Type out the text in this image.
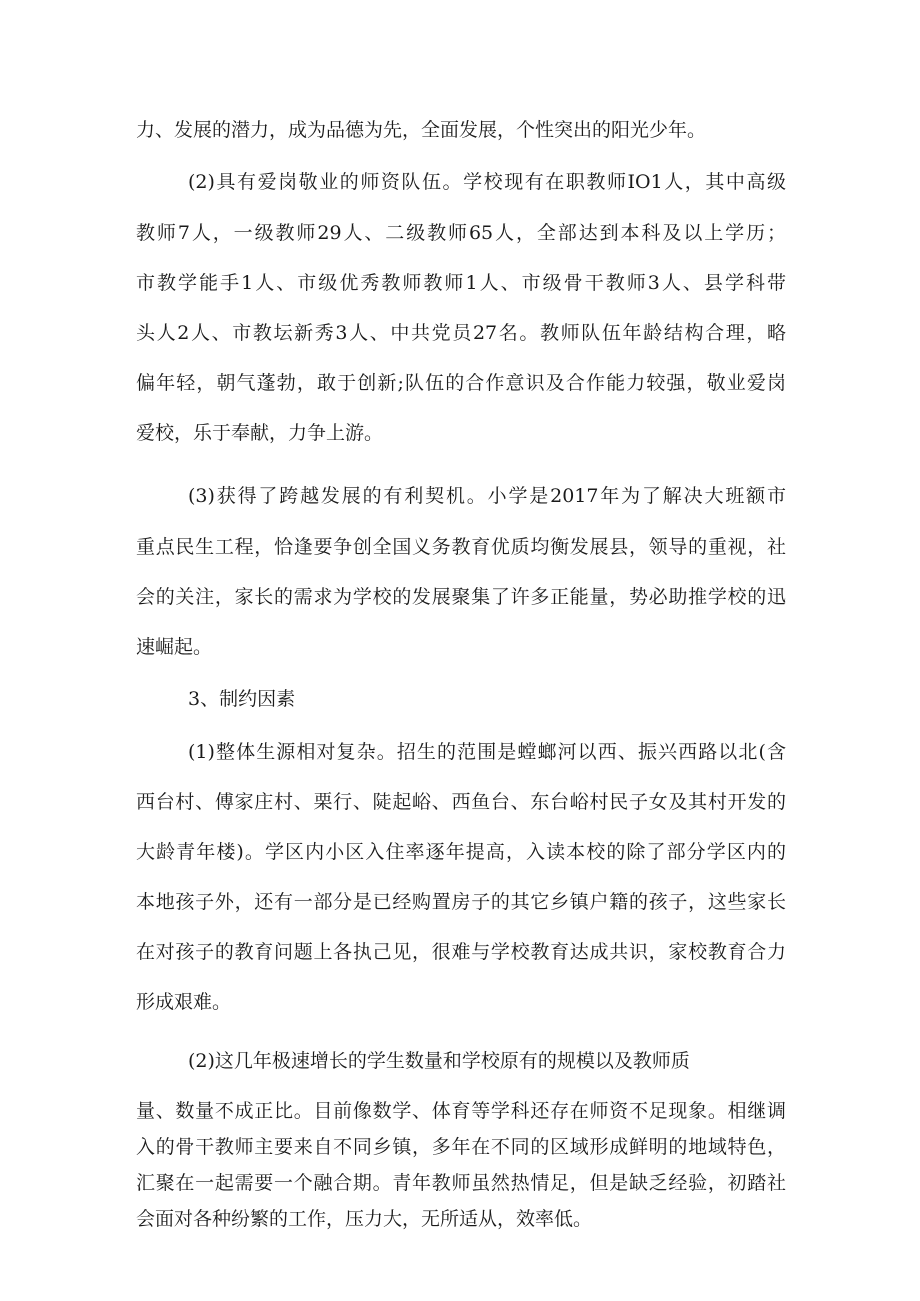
力、发展的潜力，成为品德为先，全面发展，个性突出的阳光少年。
(2)具有爱岗敬业的师资队伍。学校现有在职教师IO1人，其中高级
教师7人，一级教师29人、二级教师65人，全部达到本科及以上学历；
市教学能手1人、市级优秀教师教师1人、市级骨干教师3人、县学科带
头人2人、市教坛新秀3人、中共党员27名。教师队伍年龄结构合理，略
偏年轻，朝气蓬勃，敢于创新;队伍的合作意识及合作能力较强，敬业爱岗
爱校，乐于奉献，力争上游。
(3)获得了跨越发展的有利契机。小学是2017年为了解决大班额市
重点民生工程，恰逢要争创全国义务教育优质均衡发展县，领导的重视，社
会的关注，家长的需求为学校的发展聚集了许多正能量，势必助推学校的迅
速崛起。
3、制约因素
(1)整体生源相对复杂。招生的范围是螳螂河以西、振兴西路以北(含
西台村、傅家庄村、栗行、陡起峪、西鱼台、东台峪村民子女及其村开发的
大龄青年楼)。学区内小区入住率逐年提高，入读本校的除了部分学区内的
本地孩子外，还有一部分是已经购置房子的其它乡镇户籍的孩子，这些家长
在对孩子的教育问题上各执己见，很难与学校教育达成共识，家校教育合力
形成艰难。
(2)这几年极速增长的学生数量和学校原有的规模以及教师质
量、数量不成正比。目前像数学、体育等学科还存在师资不足现象。相继调
入的骨干教师主要来自不同乡镇，多年在不同的区域形成鲜明的地域特色，
汇聚在一起需要一个融合期。青年教师虽然热情足，但是缺乏经验，初踏社
会面对各种纷繁的工作，压力大，无所适从，效率低。
